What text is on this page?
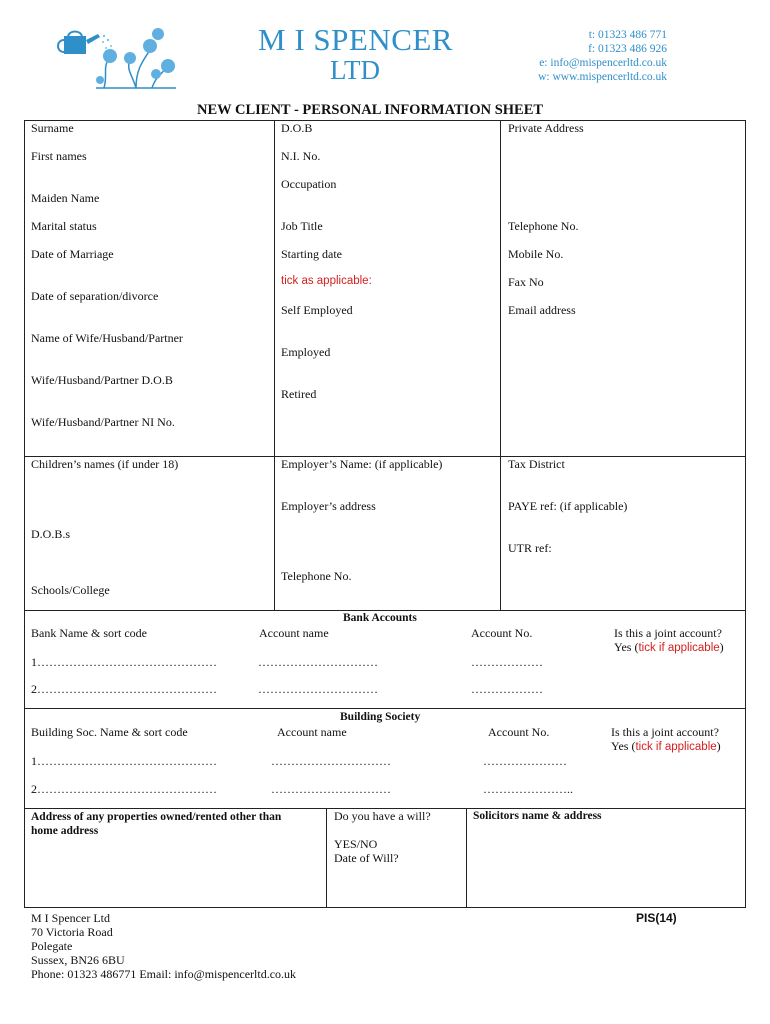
M I SPENCER
LTD
t: 01323 486 771
f: 01323 486 926
e: info@mispencerltd.co.uk
w: www.mispencerltd.co.uk
NEW CLIENT - PERSONAL INFORMATION SHEET
Surname
First names
Maiden Name
Marital status
Date of Marriage
Date of separation/divorce
Name of Wife/Husband/Partner
Wife/Husband/Partner D.O.B
Wife/Husband/Partner NI No.
D.O.B
N.I. No.
Occupation
Job Title
Starting date
tick as applicable:
Self Employed
Employed
Retired
Private Address
Telephone No.
Mobile No.
Fax No
Email address
Children’s names (if under 18)
D.O.B.s
Schools/College
Employer’s Name: (if applicable)
Employer’s address
Telephone No.
Tax District
PAYE ref: (if applicable)
UTR ref:
Bank Accounts
Bank Name & sort code	Account name	Account No.	Is this a joint account?
Yes (tick if applicable)
1………………………………………	…………………………	………………
2………………………………………	…………………………	………………
Building Society
Building Soc. Name & sort code	Account name	Account No.	Is this a joint account?
Yes (tick if applicable)
1………………………………………	…………………………	…………………
2………………………………………	…………………………	…………………..
Address of any properties owned/rented other than
home address
Do you have a will?
YES/NO
Date of Will?
Solicitors name & address
M I Spencer Ltd
70 Victoria Road
Polegate
Sussex, BN26 6BU
Phone: 01323 486771 Email: info@mispencerltd.co.uk
PIS(14)
